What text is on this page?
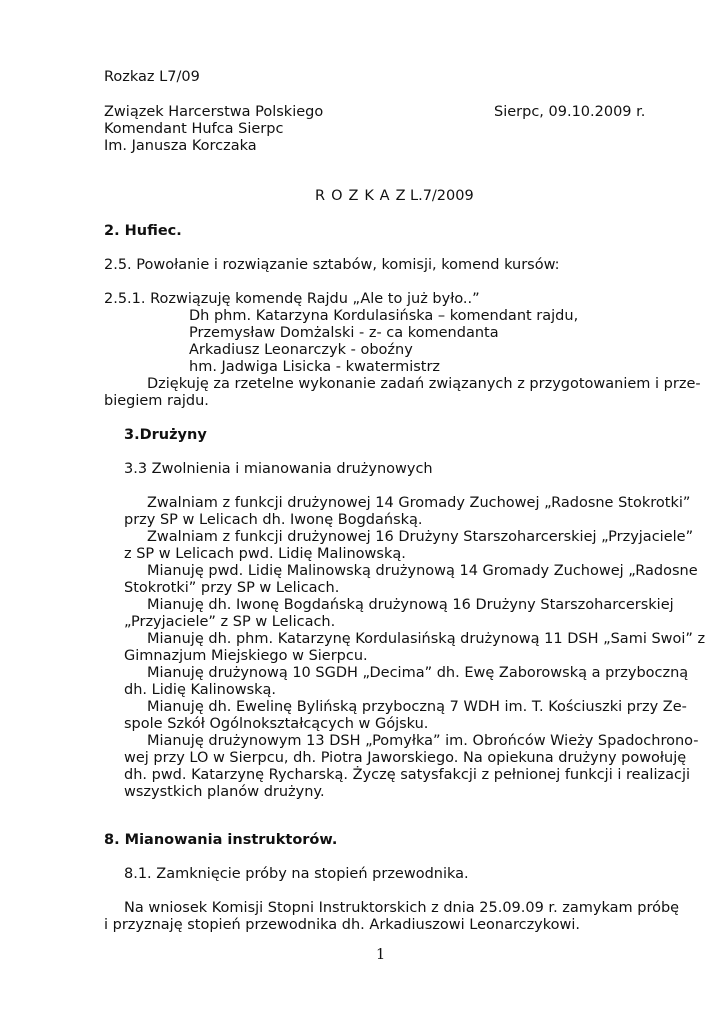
Rozkaz L7/09
Związek Harcerstwa Polskiego
Komendant Hufca Sierpc
Im. Janusza Korczaka
Sierpc, 09.10.2009 r.
ROZKAZ
L.7/2009
2. Hufiec.
2.5. Powołanie i rozwiązanie sztabów, komisji, komend kursów:
2.5.1. Rozwiązuję komendę Rajdu „Ale to już było..”
Dh phm. Katarzyna Kordulasińska – komendant rajdu,
Przemysław Domżalski - z- ca komendanta
Arkadiusz Leonarczyk - oboźny
hm. Jadwiga Lisicka - kwatermistrz
Dziękuję za rzetelne wykonanie zadań związanych z przygotowaniem i prze-
biegiem rajdu.
3.Drużyny
3.3 Zwolnienia i mianowania drużynowych
Zwalniam z funkcji drużynowej 14 Gromady Zuchowej „Radosne Stokrotki”
przy SP w Lelicach dh. Iwonę Bogdańską.
Zwalniam z funkcji drużynowej 16 Drużyny Starszoharcerskiej „Przyjaciele”
z SP w Lelicach pwd. Lidię Malinowską.
Mianuję pwd. Lidię Malinowską drużynową 14 Gromady Zuchowej „Radosne
Stokrotki” przy SP w Lelicach.
Mianuję dh. Iwonę Bogdańską drużynową 16 Drużyny Starszoharcerskiej
„Przyjaciele” z SP w Lelicach.
Mianuję dh. phm. Katarzynę Kordulasińską drużynową 11 DSH „Sami Swoi” z
Gimnazjum Miejskiego w Sierpcu.
Mianuję drużynową 10 SGDH „Decima” dh. Ewę Zaborowską a przyboczną
dh. Lidię Kalinowską.
Mianuję dh. Ewelinę Bylińską przyboczną 7 WDH im. T. Kościuszki przy Ze-
spole Szkół Ogólnokształcących w Gójsku.
Mianuję drużynowym 13 DSH „Pomyłka” im. Obrońców Wieży Spadochrono-
wej przy LO w Sierpcu, dh. Piotra Jaworskiego. Na opiekuna drużyny powołuję
dh. pwd. Katarzynę Rycharską. Życzę satysfakcji z pełnionej funkcji i realizacji
wszystkich planów drużyny.
8. Mianowania instruktorów.
8.1. Zamknięcie próby na stopień przewodnika.
Na wniosek Komisji Stopni Instruktorskich z dnia 25.09.09 r. zamykam próbę
i przyznaję stopień przewodnika dh. Arkadiuszowi Leonarczykowi.
1
